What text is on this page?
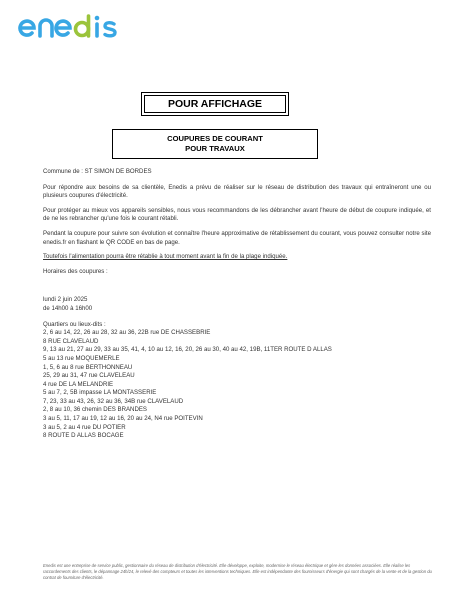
POUR AFFICHAGE
COUPURES DE COURANT
POUR TRAVAUX

Commune de : ST SIMON DE BORDES

Pour répondre aux besoins de sa clientèle, Enedis a prévu de réaliser sur le réseau de distribution des travaux qui entraîneront une ou plusieurs coupures d'électricité.

Pour protéger au mieux vos appareils sensibles, nous vous recommandons de les débrancher avant l'heure de début de coupure indiquée, et de ne les rebrancher qu'une fois le courant rétabli.

Pendant la coupure pour suivre son évolution et connaître l'heure approximative de rétablissement du courant, vous pouvez consulter notre site enedis.fr en flashant le QR CODE en bas de page.

Toutefois l'alimentation pourra être rétablie à tout moment avant la fin de la plage indiquée.

Horaires des coupures :

lundi 2 juin 2025

de 14h00 à 16h00

Quartiers ou lieux-dits :

2, 6 au 14, 22, 26 au 28, 32 au 36, 22B rue DE CHASSEBRIE
8 RUE CLAVELAUD
9, 13 au 21, 27 au 29, 33 au 35, 41, 4, 10 au 12, 16, 20, 26 au 30, 40 au 42, 19B, 11TER ROUTE D ALLAS
5 au 13 rue MOQUEMERLE
1, 5, 6 au 8 rue BERTHONNEAU
25, 29 au 31, 47 rue CLAVELEAU
4 rue DE LA MELANDRIE
5 au 7, 2, 5B impasse LA MONTASSERIE
7, 23, 33 au 43, 26, 32 au 36, 34B rue CLAVELAUD
2, 8 au 10, 36 chemin DES BRANDES
3 au 5, 11, 17 au 19, 12 au 16, 20 au 24, N4 rue POITEVIN
3 au 5, 2 au 4 rue DU POTIER
8 ROUTE D ALLAS BOCAGE
Enedis est une entreprise de service public, gestionnaire du réseau de distribution d'électricité. Elle développe, exploite, modernise le réseau électrique et gère les données associées. Elle réalise les raccordements des clients, le dépannage 24h/24, le relevé des compteurs et toutes les interventions techniques. Elle est indépendante des fournisseurs d'énergie qui sont chargés de la vente et de la gestion du contrat de fourniture d'électricité.
